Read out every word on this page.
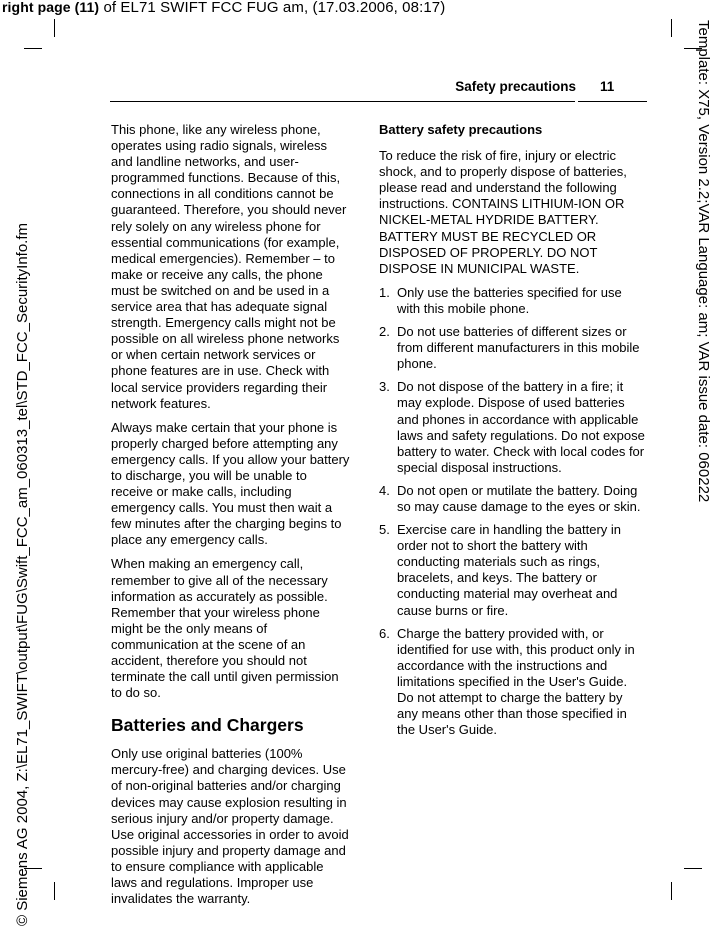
right page (11) of EL71 SWIFT FCC FUG am, (17.03.2006, 08:17)
© Siemens AG 2004, Z:\EL71_SWIFT\output\FUG\Swift_FCC_am_060313_tel\STD_FCC_SecurityInfo.fm	Template: X75, Version 2.2;VAR Language: am; VAR issue date: 060222
Safety precautions 11

This phone, like any wireless phone, operates using radio signals, wireless and landline networks, and user-programmed functions. Because of this, connections in all conditions cannot be guaranteed. Therefore, you should never rely solely on any wireless phone for essential communications (for example, medical emergencies). Remember – to make or receive any calls, the phone must be switched on and be used in a service area that has adequate signal strength. Emergency calls might not be possible on all wireless phone networks or when certain network services or phone features are in use. Check with local service providers regarding their network features.

Always make certain that your phone is properly charged before attempting any emergency calls. If you allow your battery to discharge, you will be unable to receive or make calls, including emergency calls. You must then wait a few minutes after the charging begins to place any emergency calls.

When making an emergency call, remember to give all of the necessary information as accurately as possible. Remember that your wireless phone might be the only means of communication at the scene of an accident, therefore you should not terminate the call until given permission to do so.

Batteries and Chargers

Only use original batteries (100% mercury-free) and charging devices. Use of non-original batteries and/or charging devices may cause explosion resulting in serious injury and/or property damage. Use original accessories in order to avoid possible injury and property damage and to ensure compliance with applicable laws and regulations. Improper use invalidates the warranty.

Battery safety precautions

To reduce the risk of fire, injury or electric shock, and to properly dispose of batteries, please read and understand the following instructions. CONTAINS LITHIUM-ION OR NICKEL-METAL HYDRIDE BATTERY. BATTERY MUST BE RECYCLED OR DISPOSED OF PROPERLY. DO NOT DISPOSE IN MUNICIPAL WASTE.

1. Only use the batteries specified for use with this mobile phone.
2. Do not use batteries of different sizes or from different manufacturers in this mobile phone.
3. Do not dispose of the battery in a fire; it may explode. Dispose of used batteries and phones in accordance with applicable laws and safety regulations. Do not expose battery to water. Check with local codes for special disposal instructions.
4. Do not open or mutilate the battery. Doing so may cause damage to the eyes or skin.
5. Exercise care in handling the battery in order not to short the battery with conducting materials such as rings, bracelets, and keys. The battery or conducting material may overheat and cause burns or fire.
6. Charge the battery provided with, or identified for use with, this product only in accordance with the instructions and limitations specified in the User's Guide. Do not attempt to charge the battery by any means other than those specified in the User's Guide.
